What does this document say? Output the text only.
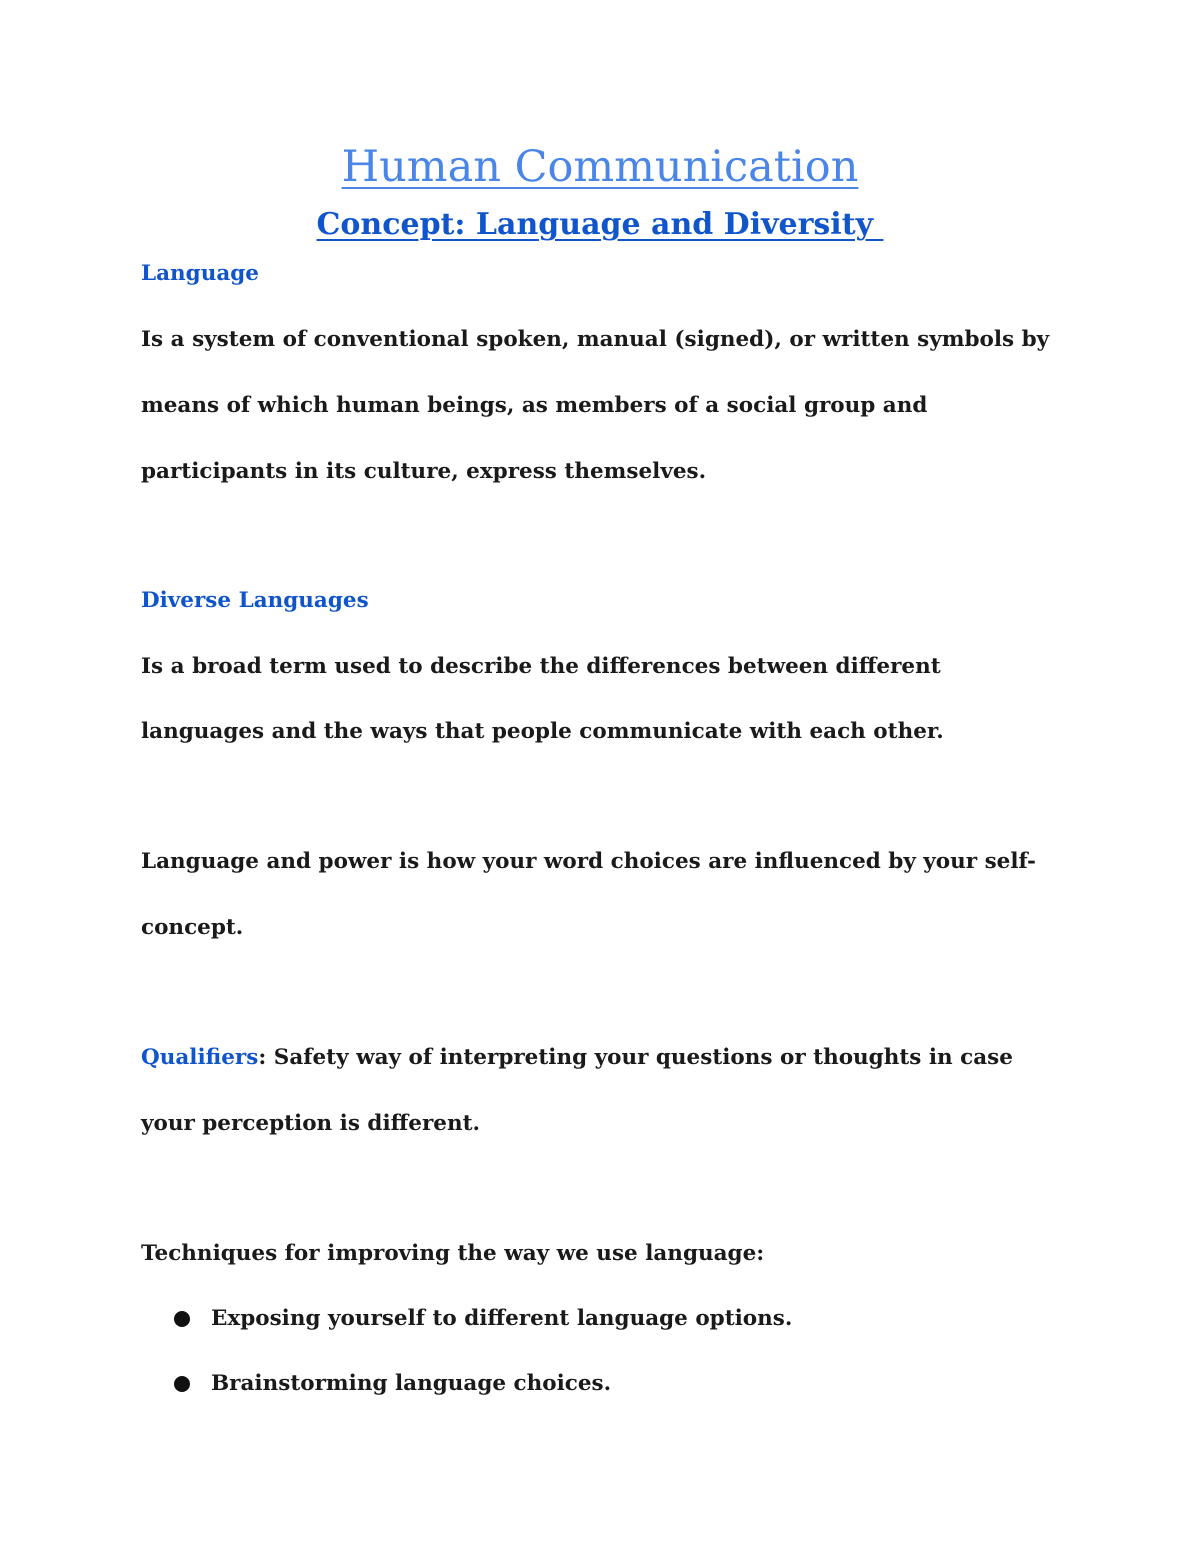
Human Communication
Concept: Language and Diversity
Language
Is a system of conventional spoken, manual (signed), or written symbols by
means of which human beings, as members of a social group and
participants in its culture, express themselves.
Diverse Languages
Is a broad term used to describe the differences between different
languages and the ways that people communicate with each other.
Language and power is how your word choices are influenced by your self-
concept.
Qualifiers: Safety way of interpreting your questions or thoughts in case
your perception is different.
Techniques for improving the way we use language:
Exposing yourself to different language options.
Brainstorming language choices.
